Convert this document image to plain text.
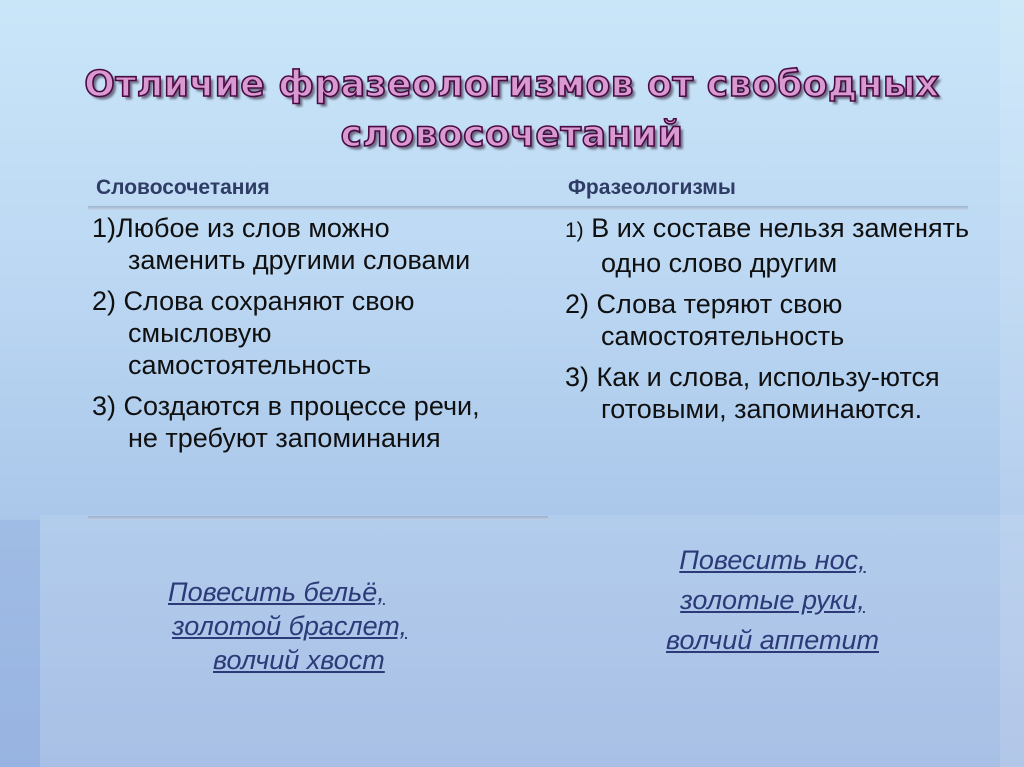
Отличие фразеологизмов от свободных
словосочетаний
Словосочетания	Фразеологизмы
1)Любое из слов можно заменить другими словами
2) Слова сохраняют свою смысловую самостоятельность
3) Создаются в процессе речи, не требуют запоминания
1) В их составе нельзя заменять одно слово другим
2) Слова теряют свою самостоятельность
3) Как и слова, использу-ются готовыми, запоминаются.
Повесить бельё,
золотой браслет,
волчий хвост
Повесить нос,
золотые руки,
волчий аппетит
